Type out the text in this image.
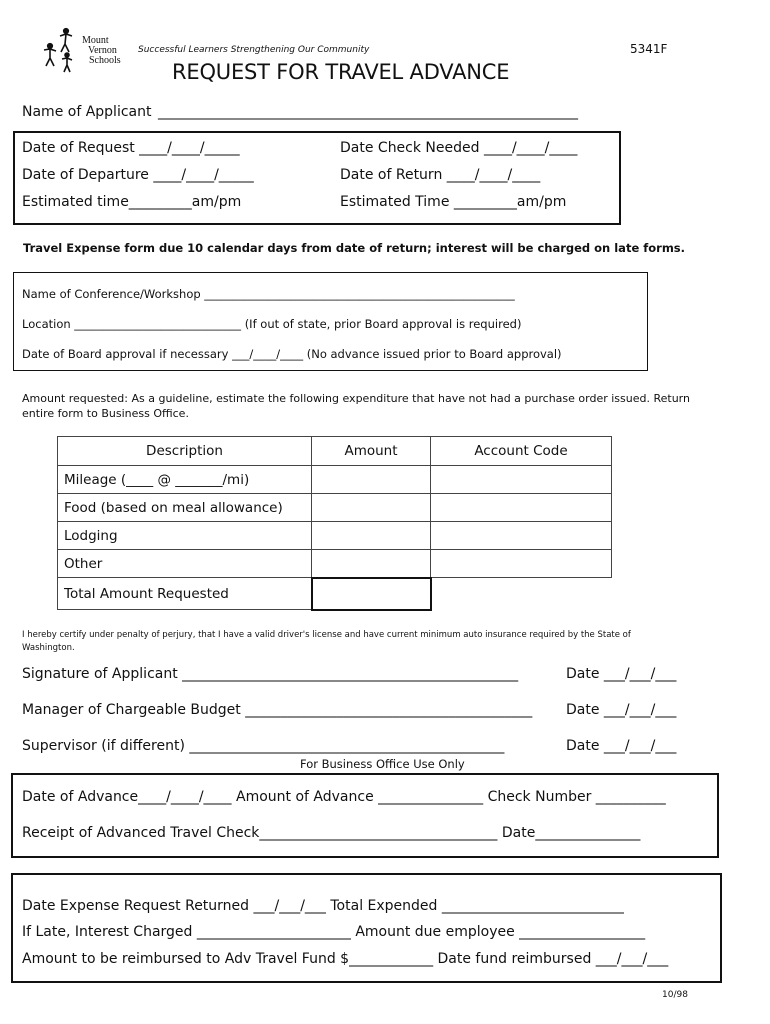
Mount
Vernon
Schools
Successful Learners Strengthening Our Community	5341F
REQUEST FOR TRAVEL ADVANCE
Name of Applicant ____________________________________________________________
Date of Request ____/____/_____	Date Check Needed ____/____/____
Date of Departure ____/____/_____	Date of Return ____/____/____
Estimated time_________am/pm	Estimated Time _________am/pm
Travel Expense form due 10 calendar days from date of return; interest will be charged on late forms.
Name of Conference/Workshop ______________________________________________________
Location _____________________________ (If out of state, prior Board approval is required)
Date of Board approval if necessary ___/____/____ (No advance issued prior to Board approval)
Amount requested: As a guideline, estimate the following expenditure that have not had a purchase order issued. Return
entire form to Business Office.
Description	Amount	Account Code
Mileage (____ @ _______/mi)		
Food (based on meal allowance)		
Lodging		
Other		
Total Amount Requested		
I hereby certify under penalty of perjury, that I have a valid driver's license and have current minimum auto insurance required by the State of
Washington.
Signature of Applicant ________________________________________________	Date ___/___/___
Manager of Chargeable Budget _________________________________________ Date ___/___/___
Supervisor (if different) _____________________________________________	Date ___/___/___
For Business Office Use Only
Date of Advance____/____/____ Amount of Advance _______________ Check Number __________
Receipt of Advanced Travel Check__________________________________ Date_______________
Date Expense Request Returned ___/___/___ Total Expended __________________________
If Late, Interest Charged ______________________ Amount due employee __________________
Amount to be reimbursed to Adv Travel Fund $____________ Date fund reimbursed ___/___/___
10/98
